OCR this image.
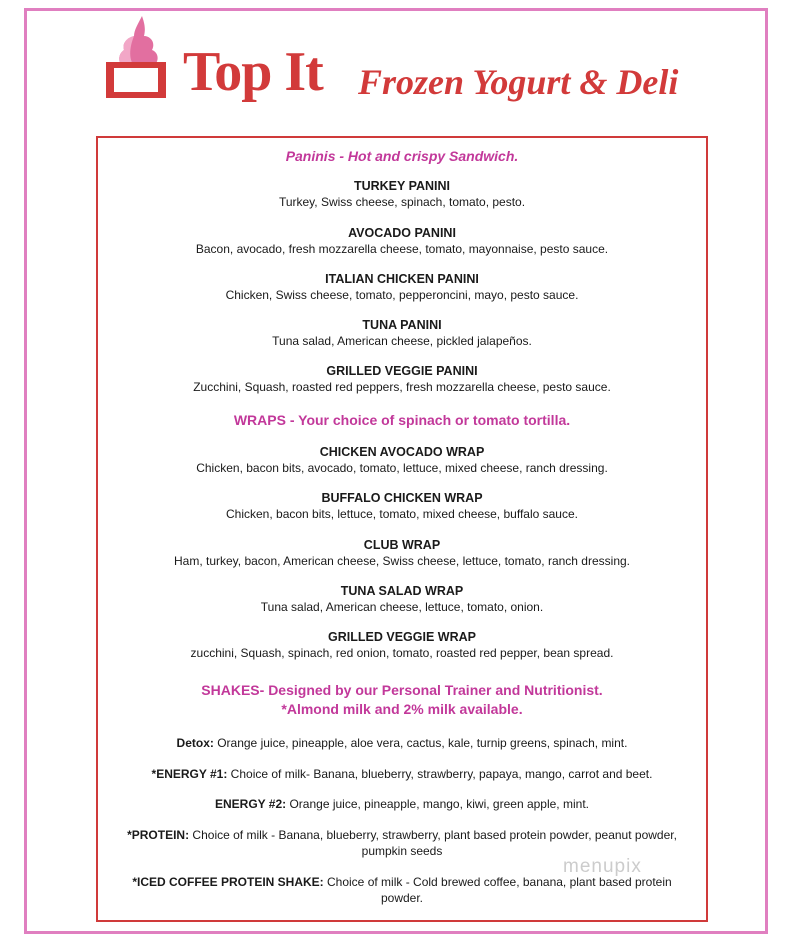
Top It Frozen Yogurt & Deli

Paninis - Hot and crispy Sandwich.

TURKEY PANINI

Turkey, Swiss cheese, spinach, tomato, pesto.

AVOCADO PANINI

Bacon, avocado, fresh mozzarella cheese, tomato, mayonnaise, pesto sauce.

ITALIAN CHICKEN PANINI

Chicken, Swiss cheese, tomato, pepperoncini, mayo, pesto sauce.

TUNA PANINI

Tuna salad, American cheese, pickled jalapeños.

GRILLED VEGGIE PANINI

Zucchini, Squash, roasted red peppers, fresh mozzarella cheese, pesto sauce.

WRAPS - Your choice of spinach or tomato tortilla.

CHICKEN AVOCADO WRAP

Chicken, bacon bits, avocado, tomato, lettuce, mixed cheese, ranch dressing.

BUFFALO CHICKEN WRAP

Chicken, bacon bits, lettuce, tomato, mixed cheese, buffalo sauce.

CLUB WRAP

Ham, turkey, bacon, American cheese, Swiss cheese, lettuce, tomato, ranch dressing.

TUNA SALAD WRAP

Tuna salad, American cheese, lettuce, tomato, onion.

GRILLED VEGGIE WRAP

zucchini, Squash, spinach, red onion, tomato, roasted red pepper, bean spread.

SHAKES- Designed by our Personal Trainer and Nutritionist.

*Almond milk and 2% milk available.

Detox: Orange juice, pineapple, aloe vera, cactus, kale, turnip greens, spinach, mint.

*ENERGY #1: Choice of milk- Banana, blueberry, strawberry, papaya, mango, carrot and beet.

ENERGY #2: Orange juice, pineapple, mango, kiwi, green apple, mint.

*PROTEIN: Choice of milk - Banana, blueberry, strawberry, plant based protein powder, peanut powder,
pumpkin seeds

*ICED COFFEE PROTEIN SHAKE: Choice of milk - Cold brewed coffee, banana, plant based protein
powder.

menupix
